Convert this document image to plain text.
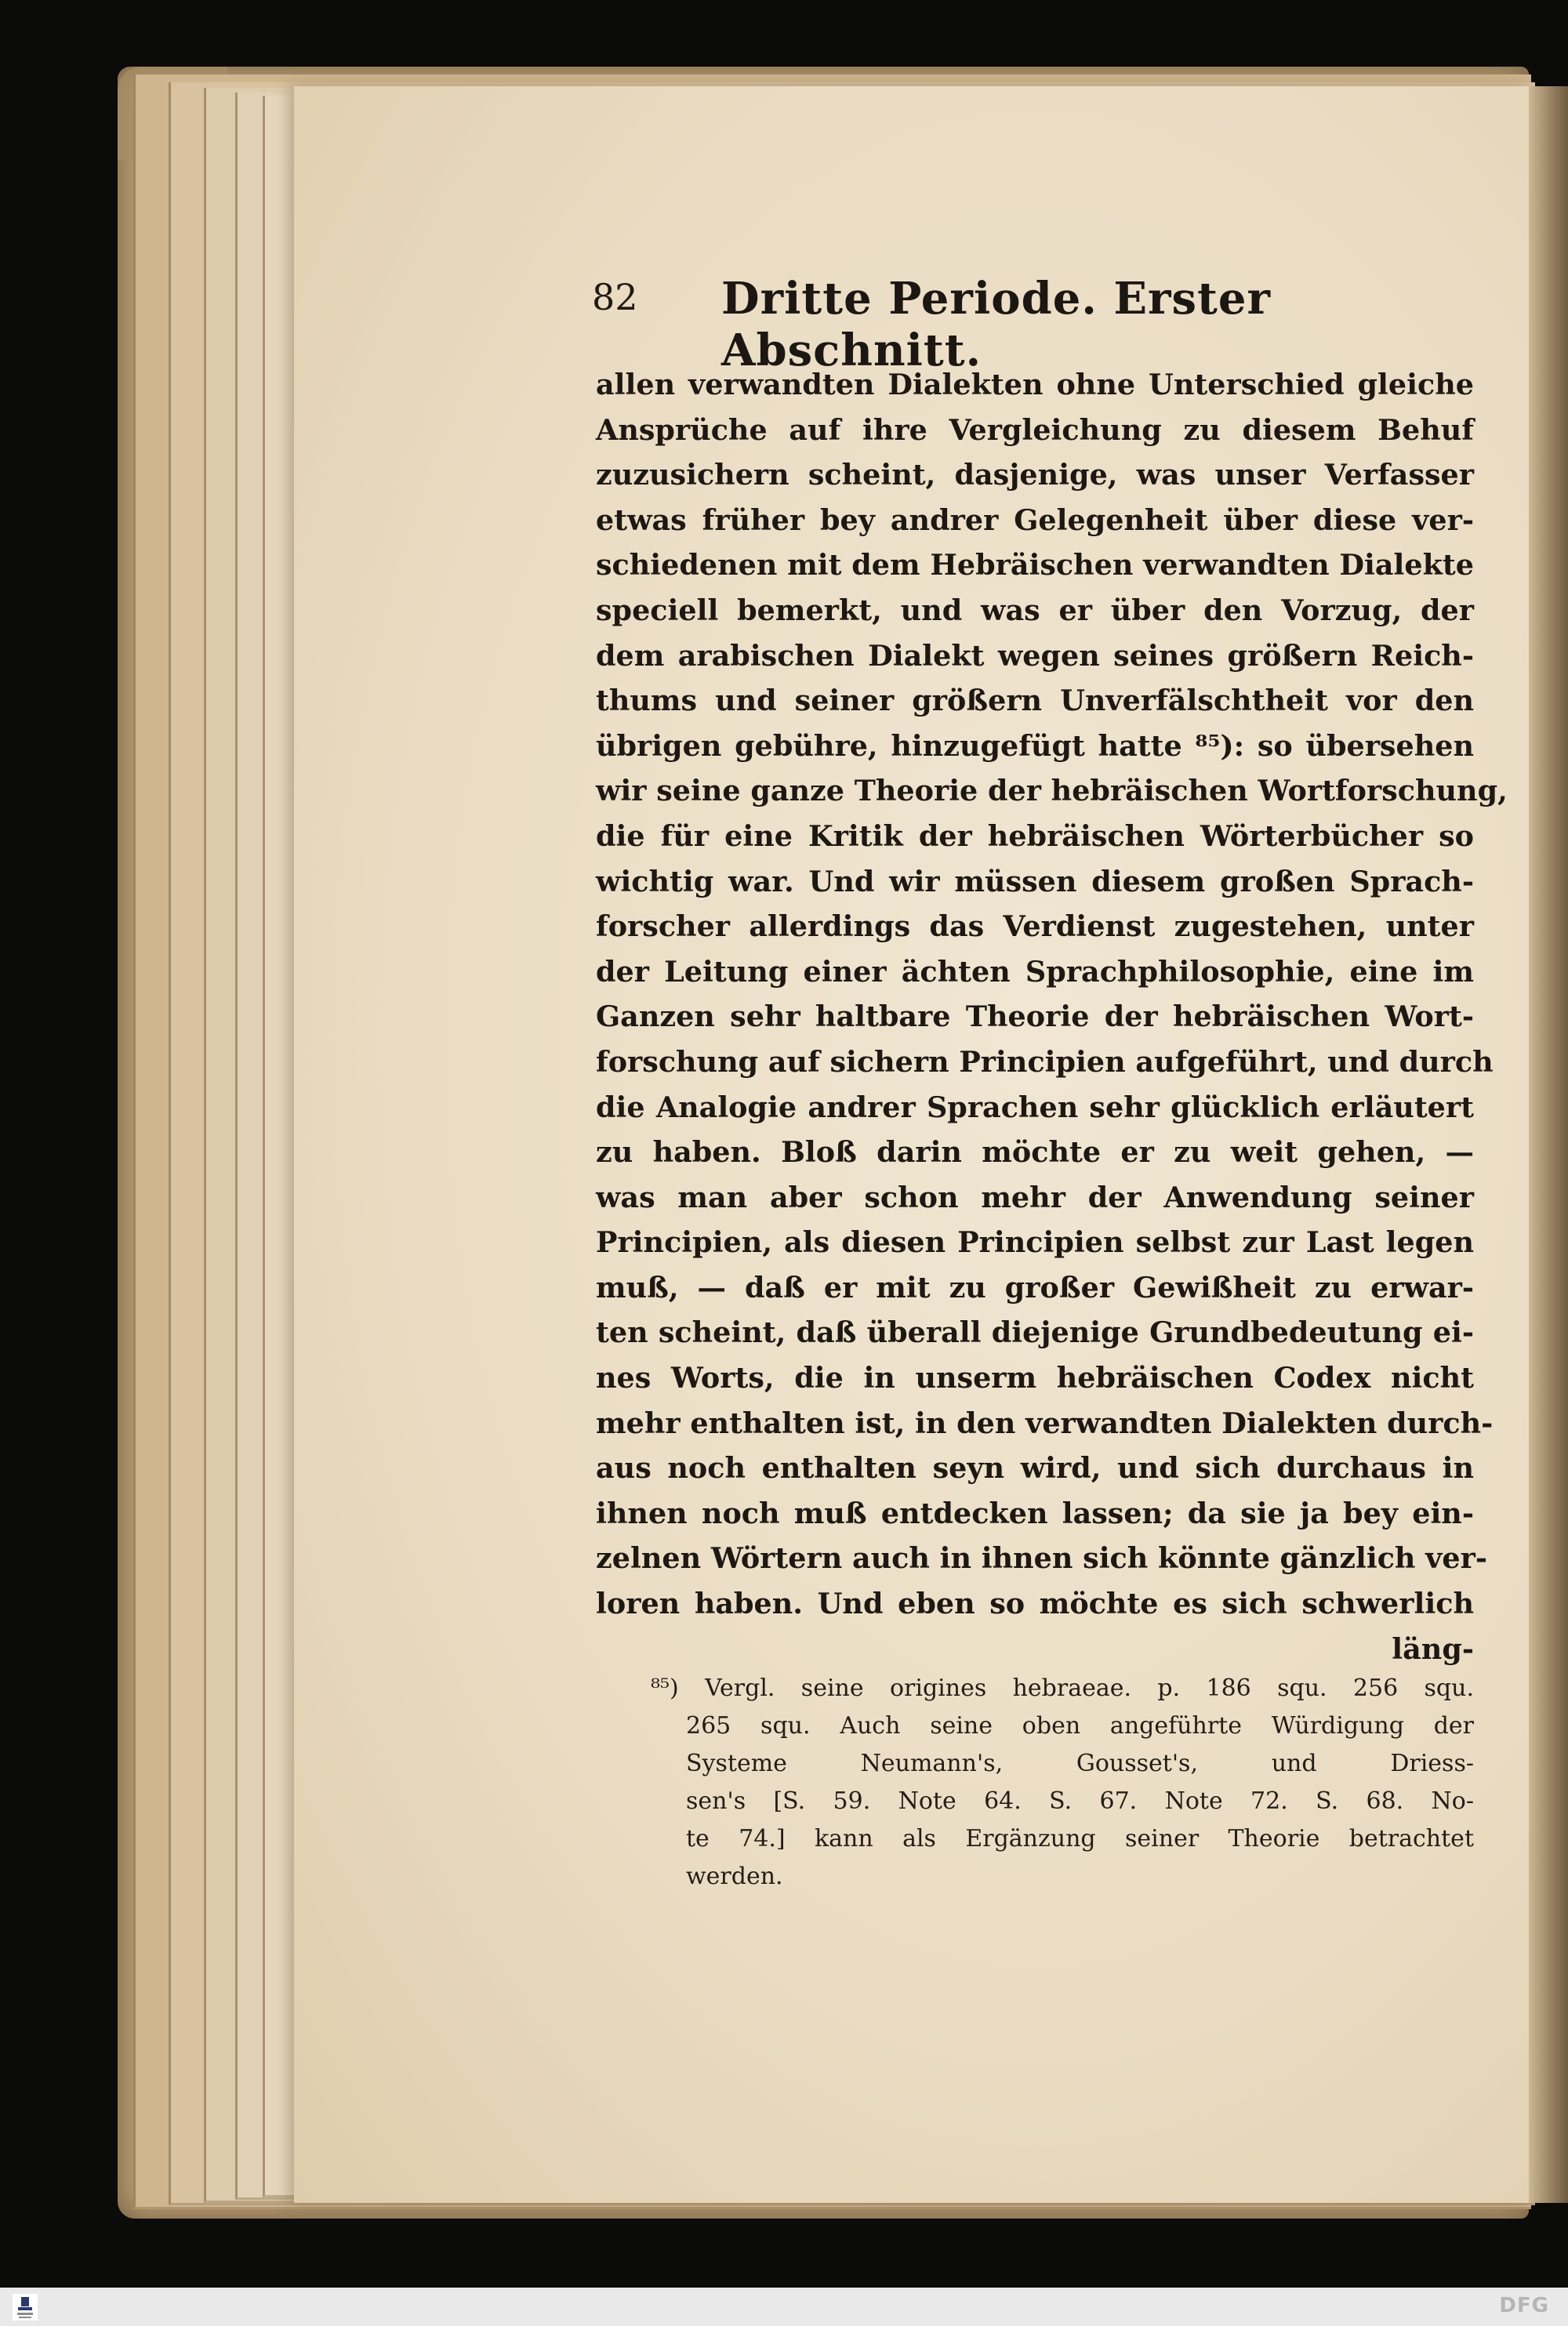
82 Dritte Periode. Erster Abschnitt.
allen verwandten Dialekten ohne Unterschied gleiche
Ansprüche auf ihre Vergleichung zu diesem Behuf
zuzusichern scheint, dasjenige, was unser Verfasser
etwas früher bey andrer Gelegenheit über diese ver-
schiedenen mit dem Hebräischen verwandten Dialekte
speciell bemerkt, und was er über den Vorzug, der
dem arabischen Dialekt wegen seines größern Reich-
thums und seiner größern Unverfälschtheit vor den
übrigen gebühre, hinzugefügt hatte ⁸⁵): so übersehen
wir seine ganze Theorie der hebräischen Wortforschung,
die für eine Kritik der hebräischen Wörterbücher so
wichtig war. Und wir müssen diesem großen Sprach-
forscher allerdings das Verdienst zugestehen, unter
der Leitung einer ächten Sprachphilosophie, eine im
Ganzen sehr haltbare Theorie der hebräischen Wort-
forschung auf sichern Principien aufgeführt, und durch
die Analogie andrer Sprachen sehr glücklich erläutert
zu haben. Bloß darin möchte er zu weit gehen, —
was man aber schon mehr der Anwendung seiner
Principien, als diesen Principien selbst zur Last legen
muß, — daß er mit zu großer Gewißheit zu erwar-
ten scheint, daß überall diejenige Grundbedeutung ei-
nes Worts, die in unserm hebräischen Codex nicht
mehr enthalten ist, in den verwandten Dialekten durch-
aus noch enthalten seyn wird, und sich durchaus in
ihnen noch muß entdecken lassen; da sie ja bey ein-
zelnen Wörtern auch in ihnen sich könnte gänzlich ver-
loren haben. Und eben so möchte es sich schwerlich
läng-
⁸⁵) Vergl. seine origines hebraeae. p. 186 squ. 256 squ.
265 squ. Auch seine oben angeführte Würdigung der
Systeme Neumann's, Gousset's, und Driess-
sen's [S. 59. Note 64. S. 67. Note 72. S. 68. No-
te 74.] kann als Ergänzung seiner Theorie betrachtet
werden.
DFG
